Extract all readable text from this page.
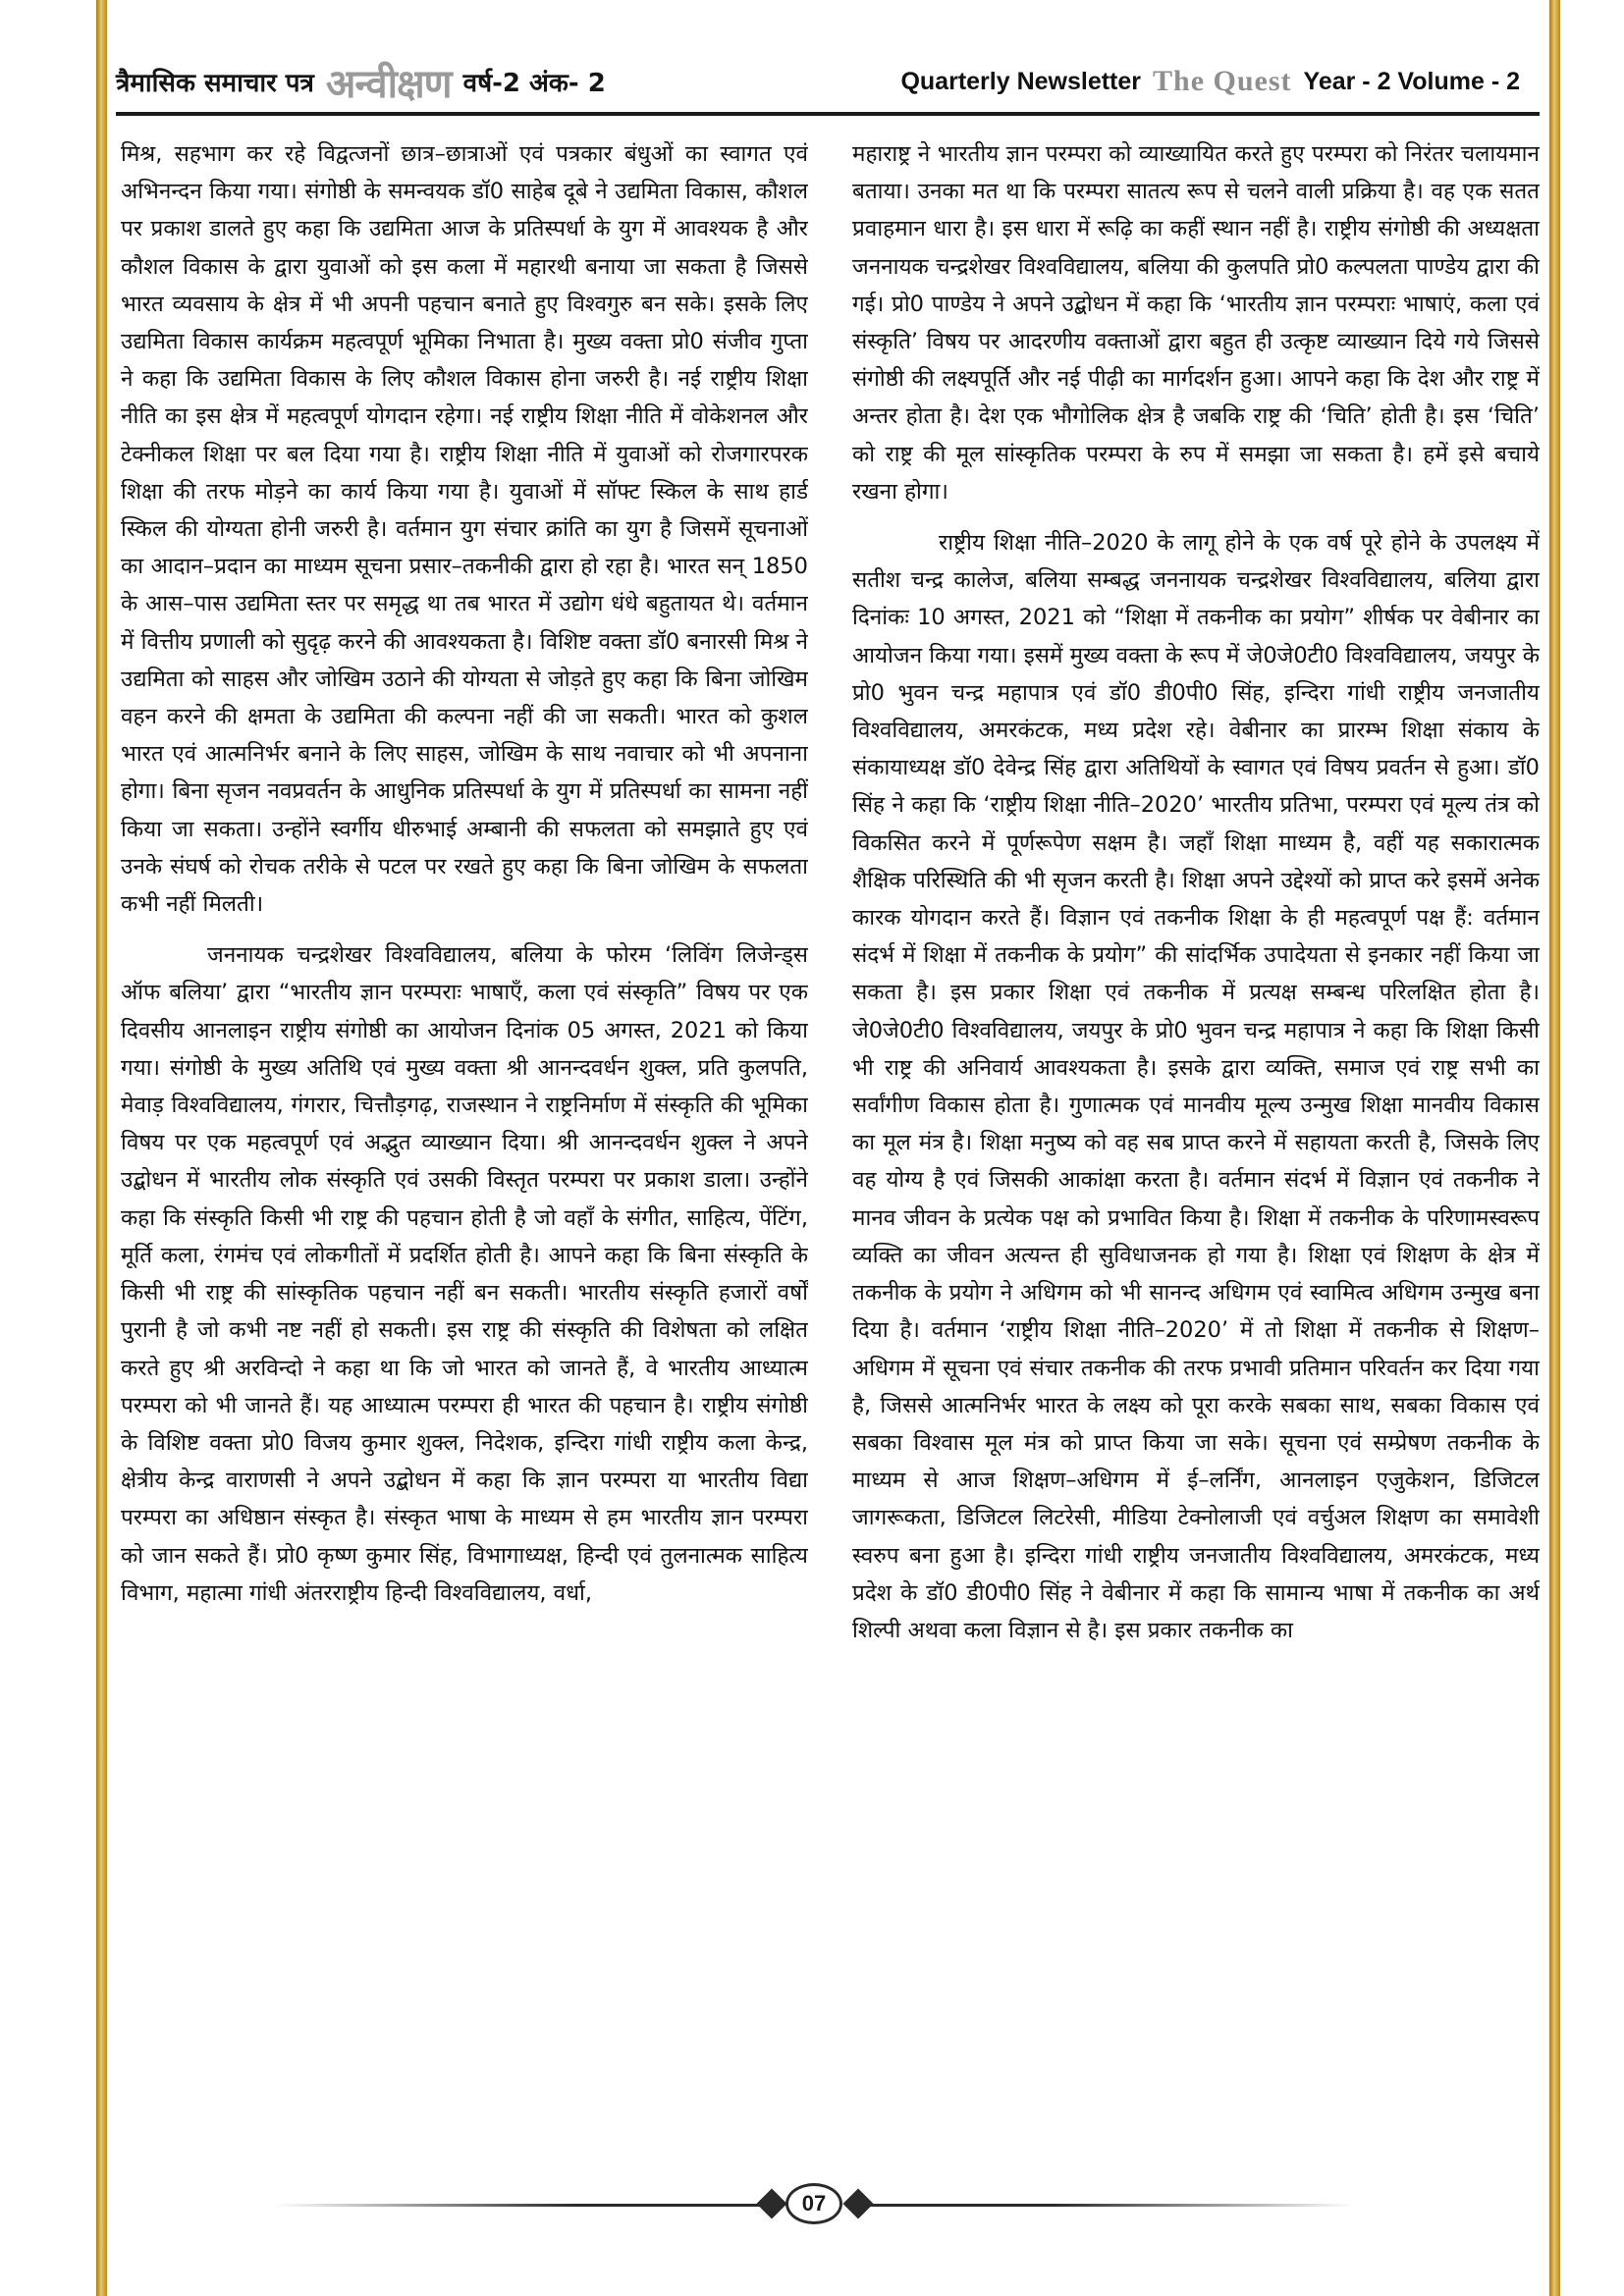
त्रैमासिक समाचार पत्र अन्वीक्षण वर्ष-2 अंक- 2	Quarterly Newsletter The Quest Year - 2 Volume - 2

मिश्र, सहभाग कर रहे विद्वत्जनों छात्र–छात्राओं एवं पत्रकार बंधुओं का स्वागत एवं अभिनन्दन किया गया। संगोष्ठी के समन्वयक डॉ0 साहेब दूबे ने उद्यमिता विकास, कौशल पर प्रकाश डालते हुए कहा कि उद्यमिता आज के प्रतिस्पर्धा के युग में आवश्यक है और कौशल विकास के द्वारा युवाओं को इस कला में महारथी बनाया जा सकता है जिससे भारत व्यवसाय के क्षेत्र में भी अपनी पहचान बनाते हुए विश्वगुरु बन सके। इसके लिए उद्यमिता विकास कार्यक्रम महत्वपूर्ण भूमिका निभाता है। मुख्य वक्ता प्रो0 संजीव गुप्ता ने कहा कि उद्यमिता विकास के लिए कौशल विकास होना जरुरी है। नई राष्ट्रीय शिक्षा नीति का इस क्षेत्र में महत्वपूर्ण योगदान रहेगा। नई राष्ट्रीय शिक्षा नीति में वोकेशनल और टेक्नीकल शिक्षा पर बल दिया गया है। राष्ट्रीय शिक्षा नीति में युवाओं को रोजगारपरक शिक्षा की तरफ मोड़ने का कार्य किया गया है। युवाओं में सॉफ्ट स्किल के साथ हार्ड स्किल की योग्यता होनी जरुरी है। वर्तमान युग संचार क्रांति का युग है जिसमें सूचनाओं का आदान–प्रदान का माध्यम सूचना प्रसार–तकनीकी द्वारा हो रहा है। भारत सन् 1850 के आस–पास उद्यमिता स्तर पर समृद्ध था तब भारत में उद्योग धंधे बहुतायत थे। वर्तमान में वित्तीय प्रणाली को सुदृढ़ करने की आवश्यकता है। विशिष्ट वक्ता डॉ0 बनारसी मिश्र ने उद्यमिता को साहस और जोखिम उठाने की योग्यता से जोड़ते हुए कहा कि बिना जोखिम वहन करने की क्षमता के उद्यमिता की कल्पना नहीं की जा सकती। भारत को कुशल भारत एवं आत्मनिर्भर बनाने के लिए साहस, जोखिम के साथ नवाचार को भी अपनाना होगा। बिना सृजन नवप्रवर्तन के आधुनिक प्रतिस्पर्धा के युग में प्रतिस्पर्धा का सामना नहीं किया जा सकता। उन्होंने स्वर्गीय धीरुभाई अम्बानी की सफलता को समझाते हुए एवं उनके संघर्ष को रोचक तरीके से पटल पर रखते हुए कहा कि बिना जोखिम के सफलता कभी नहीं मिलती।

जननायक चन्द्रशेखर विश्वविद्यालय, बलिया के फोरम ‘लिविंग लिजेन्ड्स ऑफ बलिया’ द्वारा “भारतीय ज्ञान परम्पराः भाषाएँ, कला एवं संस्कृति” विषय पर एक दिवसीय आनलाइन राष्ट्रीय संगोष्ठी का आयोजन दिनांक 05 अगस्त, 2021 को किया गया। संगोष्ठी के मुख्य अतिथि एवं मुख्य वक्ता श्री आनन्दवर्धन शुक्ल, प्रति कुलपति, मेवाड़ विश्वविद्यालय, गंगरार, चित्तौड़गढ़, राजस्थान ने राष्ट्रनिर्माण में संस्कृति की भूमिका विषय पर एक महत्वपूर्ण एवं अद्भुत व्याख्यान दिया। श्री आनन्दवर्धन शुक्ल ने अपने उद्बोधन में भारतीय लोक संस्कृति एवं उसकी विस्तृत परम्परा पर प्रकाश डाला। उन्होंने कहा कि संस्कृति किसी भी राष्ट्र की पहचान होती है जो वहाँ के संगीत, साहित्य, पेंटिंग, मूर्ति कला, रंगमंच एवं लोकगीतों में प्रदर्शित होती है। आपने कहा कि बिना संस्कृति के किसी भी राष्ट्र की सांस्कृतिक पहचान नहीं बन सकती। भारतीय संस्कृति हजारों वर्षों पुरानी है जो कभी नष्ट नहीं हो सकती। इस राष्ट्र की संस्कृति की विशेषता को लक्षित करते हुए श्री अरविन्दो ने कहा था कि जो भारत को जानते हैं, वे भारतीय आध्यात्म परम्परा को भी जानते हैं। यह आध्यात्म परम्परा ही भारत की पहचान है। राष्ट्रीय संगोष्ठी के विशिष्ट वक्ता प्रो0 विजय कुमार शुक्ल, निदेशक, इन्दिरा गांधी राष्ट्रीय कला केन्द्र, क्षेत्रीय केन्द्र वाराणसी ने अपने उद्बोधन में कहा कि ज्ञान परम्परा या भारतीय विद्या परम्परा का अधिष्ठान संस्कृत है। संस्कृत भाषा के माध्यम से हम भारतीय ज्ञान परम्परा को जान सकते हैं। प्रो0 कृष्ण कुमार सिंह, विभागाध्यक्ष, हिन्दी एवं तुलनात्मक साहित्य विभाग, महात्मा गांधी अंतरराष्ट्रीय हिन्दी विश्वविद्यालय, वर्धा,

महाराष्ट्र ने भारतीय ज्ञान परम्परा को व्याख्यायित करते हुए परम्परा को निरंतर चलायमान बताया। उनका मत था कि परम्परा सातत्य रूप से चलने वाली प्रक्रिया है। वह एक सतत प्रवाहमान धारा है। इस धारा में रूढ़ि का कहीं स्थान नहीं है। राष्ट्रीय संगोष्ठी की अध्यक्षता जननायक चन्द्रशेखर विश्वविद्यालय, बलिया की कुलपति प्रो0 कल्पलता पाण्डेय द्वारा की गई। प्रो0 पाण्डेय ने अपने उद्बोधन में कहा कि ‘भारतीय ज्ञान परम्पराः भाषाएं, कला एवं संस्कृति’ विषय पर आदरणीय वक्ताओं द्वारा बहुत ही उत्कृष्ट व्याख्यान दिये गये जिससे संगोष्ठी की लक्ष्यपूर्ति और नई पीढ़ी का मार्गदर्शन हुआ। आपने कहा कि देश और राष्ट्र में अन्तर होता है। देश एक भौगोलिक क्षेत्र है जबकि राष्ट्र की ‘चिति’ होती है। इस ‘चिति’ को राष्ट्र की मूल सांस्कृतिक परम्परा के रुप में समझा जा सकता है। हमें इसे बचाये रखना होगा।

राष्ट्रीय शिक्षा नीति–2020 के लागू होने के एक वर्ष पूरे होने के उपलक्ष्य में सतीश चन्द्र कालेज, बलिया सम्बद्ध जननायक चन्द्रशेखर विश्वविद्यालय, बलिया द्वारा दिनांकः 10 अगस्त, 2021 को “शिक्षा में तकनीक का प्रयोग” शीर्षक पर वेबीनार का आयोजन किया गया। इसमें मुख्य वक्ता के रूप में जे0जे0टी0 विश्वविद्यालय, जयपुर के प्रो0 भुवन चन्द्र महापात्र एवं डॉ0 डी0पी0 सिंह, इन्दिरा गांधी राष्ट्रीय जनजातीय विश्वविद्यालय, अमरकंटक, मध्य प्रदेश रहे। वेबीनार का प्रारम्भ शिक्षा संकाय के संकायाध्यक्ष डॉ0 देवेन्द्र सिंह द्वारा अतिथियों के स्वागत एवं विषय प्रवर्तन से हुआ। डॉ0 सिंह ने कहा कि ‘राष्ट्रीय शिक्षा नीति–2020’ भारतीय प्रतिभा, परम्परा एवं मूल्य तंत्र को विकसित करने में पूर्णरूपेण सक्षम है। जहाँ शिक्षा माध्यम है, वहीं यह सकारात्मक शैक्षिक परिस्थिति की भी सृजन करती है। शिक्षा अपने उद्देश्यों को प्राप्त करे इसमें अनेक कारक योगदान करते हैं। विज्ञान एवं तकनीक शिक्षा के ही महत्वपूर्ण पक्ष हैं: वर्तमान संदर्भ में शिक्षा में तकनीक के प्रयोग” की सांदर्भिक उपादेयता से इनकार नहीं किया जा सकता है। इस प्रकार शिक्षा एवं तकनीक में प्रत्यक्ष सम्बन्ध परिलक्षित होता है। जे0जे0टी0 विश्वविद्यालय, जयपुर के प्रो0 भुवन चन्द्र महापात्र ने कहा कि शिक्षा किसी भी राष्ट्र की अनिवार्य आवश्यकता है। इसके द्वारा व्यक्ति, समाज एवं राष्ट्र सभी का सर्वांगीण विकास होता है। गुणात्मक एवं मानवीय मूल्य उन्मुख शिक्षा मानवीय विकास का मूल मंत्र है। शिक्षा मनुष्य को वह सब प्राप्त करने में सहायता करती है, जिसके लिए वह योग्य है एवं जिसकी आकांक्षा करता है। वर्तमान संदर्भ में विज्ञान एवं तकनीक ने मानव जीवन के प्रत्येक पक्ष को प्रभावित किया है। शिक्षा में तकनीक के परिणामस्वरूप व्यक्ति का जीवन अत्यन्त ही सुविधाजनक हो गया है। शिक्षा एवं शिक्षण के क्षेत्र में तकनीक के प्रयोग ने अधिगम को भी सानन्द अधिगम एवं स्वामित्व अधिगम उन्मुख बना दिया है। वर्तमान ‘राष्ट्रीय शिक्षा नीति–2020’ में तो शिक्षा में तकनीक से शिक्षण–अधिगम में सूचना एवं संचार तकनीक की तरफ प्रभावी प्रतिमान परिवर्तन कर दिया गया है, जिससे आत्मनिर्भर भारत के लक्ष्य को पूरा करके सबका साथ, सबका विकास एवं सबका विश्वास मूल मंत्र को प्राप्त किया जा सके। सूचना एवं सम्प्रेषण तकनीक के माध्यम से आज शिक्षण–अधिगम में ई–लर्निंग, आनलाइन एजुकेशन, डिजिटल जागरूकता, डिजिटल लिटरेसी, मीडिया टेक्नोलाजी एवं वर्चुअल शिक्षण का समावेशी स्वरुप बना हुआ है। इन्दिरा गांधी राष्ट्रीय जनजातीय विश्वविद्यालय, अमरकंटक, मध्य प्रदेश के डॉ0 डी0पी0 सिंह ने वेबीनार में कहा कि सामान्य भाषा में तकनीक का अर्थ शिल्पी अथवा कला विज्ञान से है। इस प्रकार तकनीक का

07
